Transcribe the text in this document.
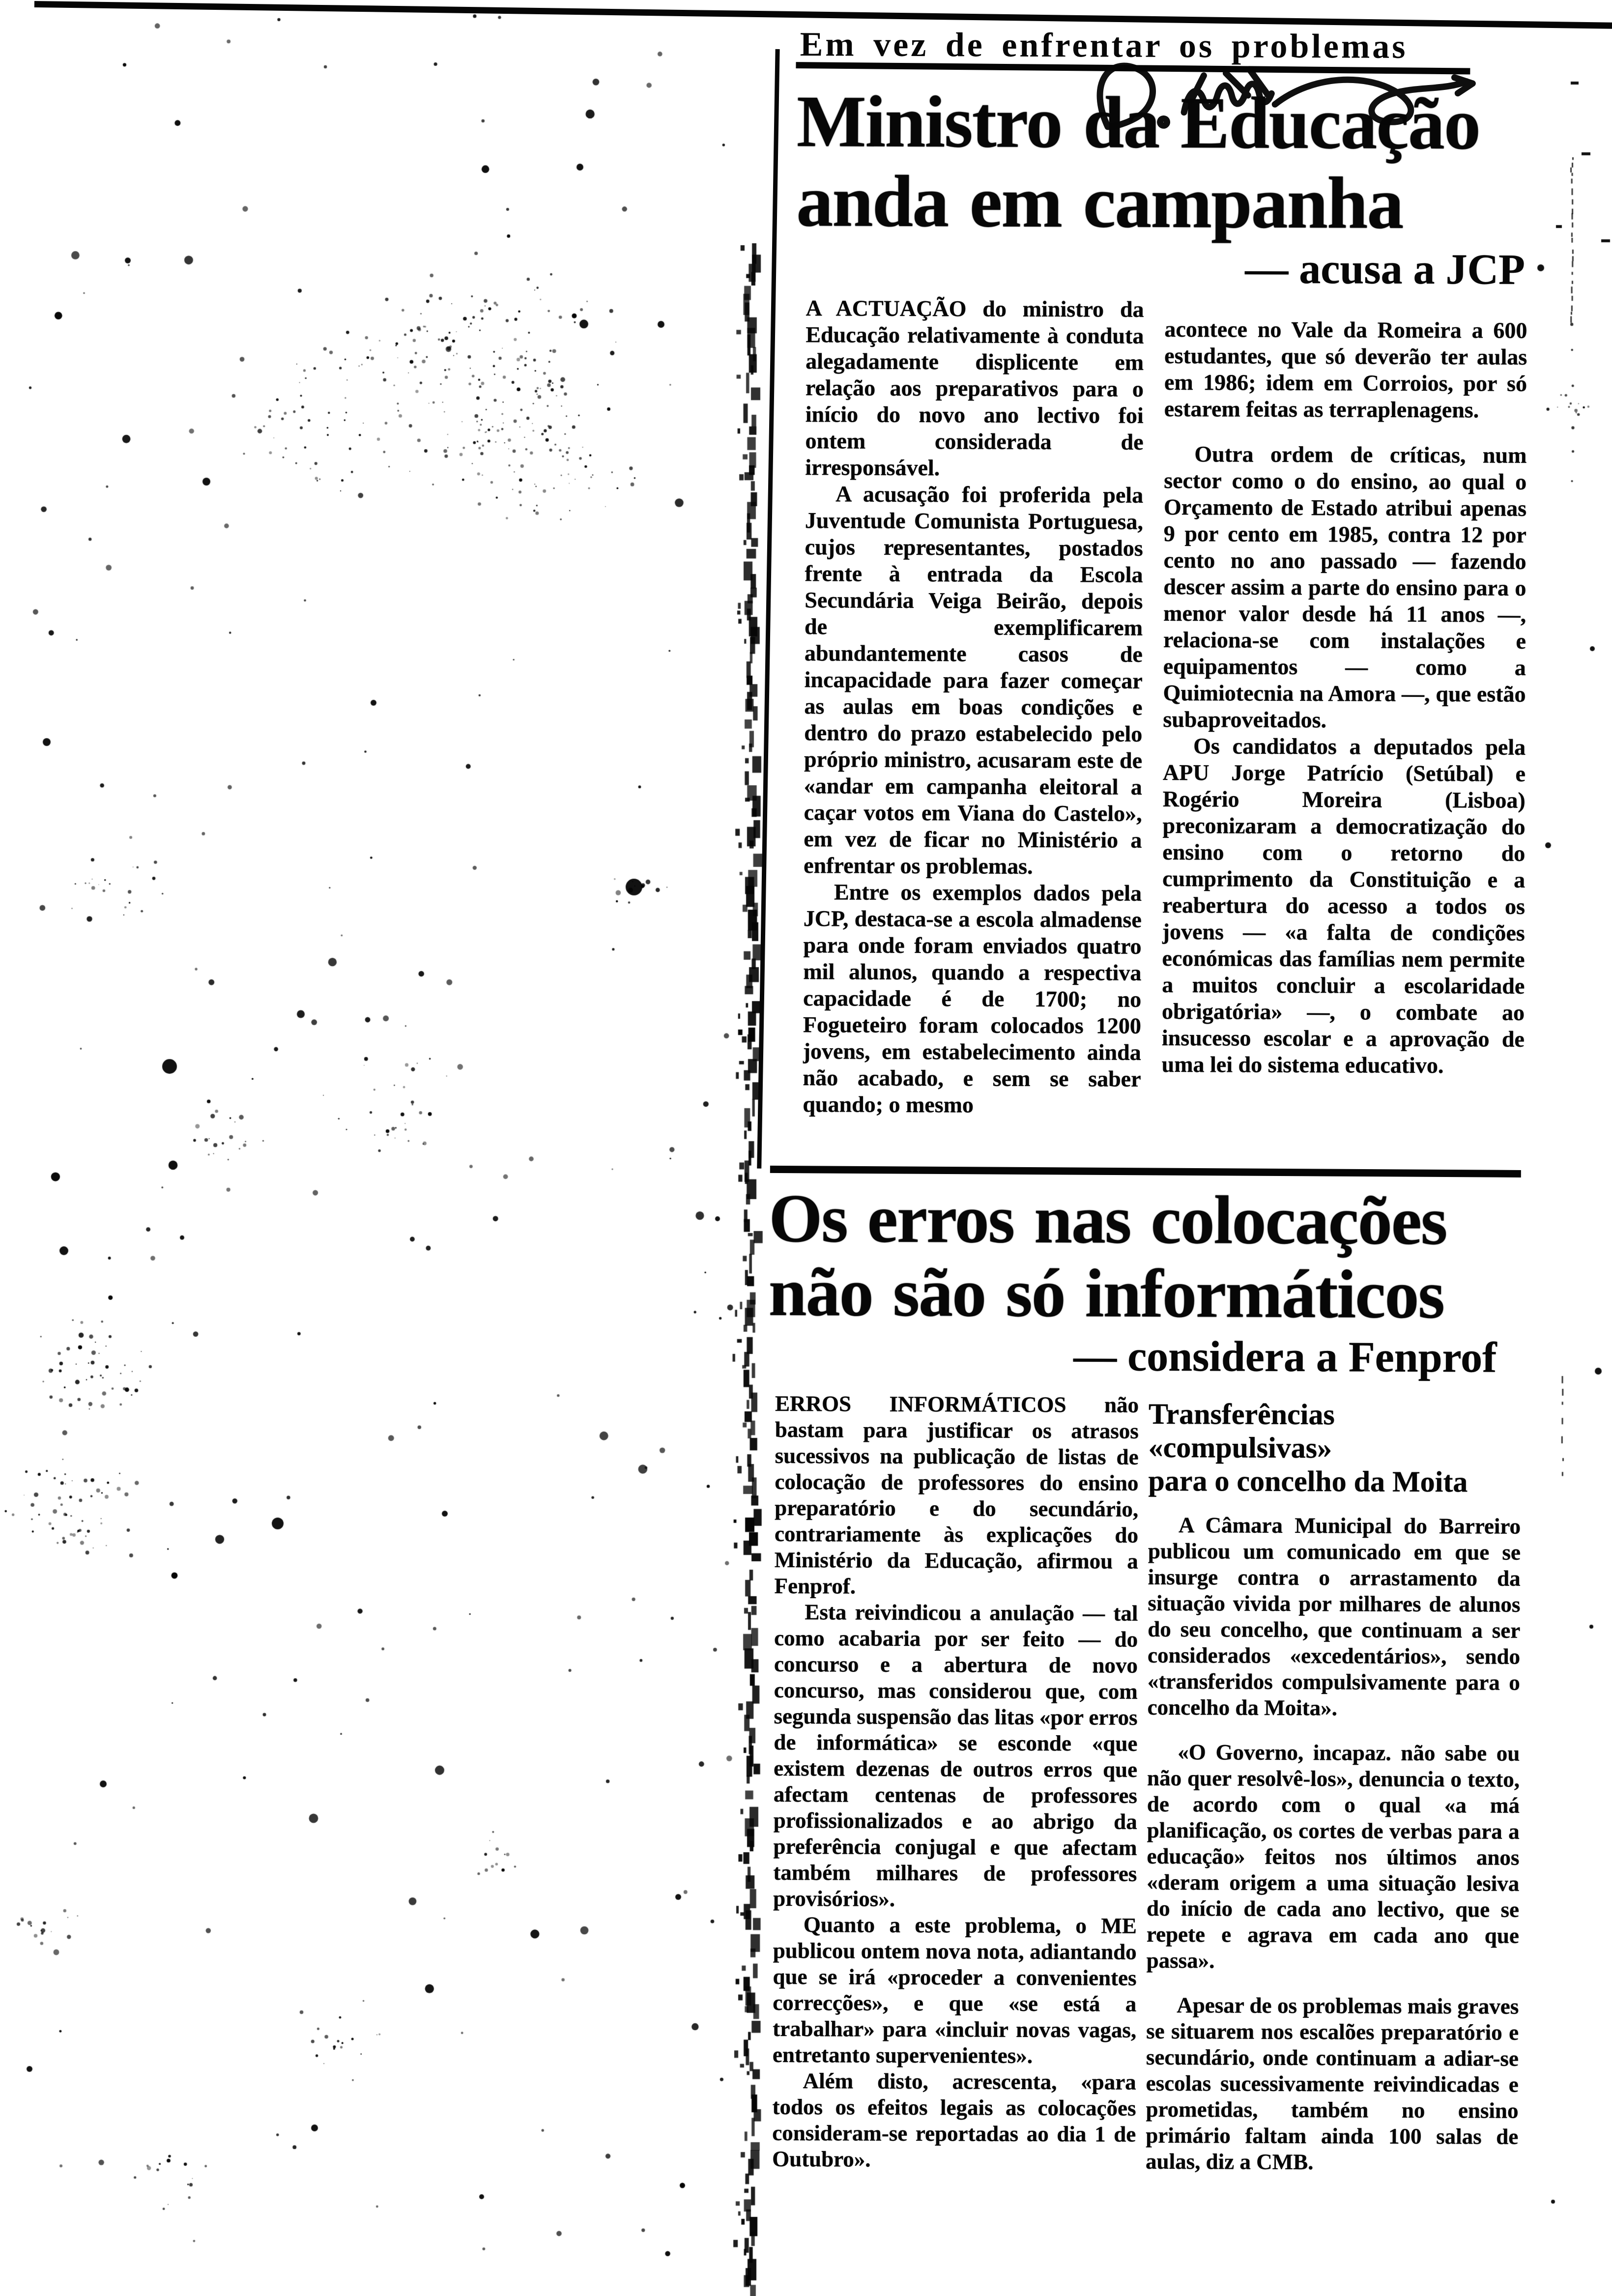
Em vez de enfrentar os problemas
Ministro da Educação
anda em campanha
— acusa a JCP

A ACTUAÇÃO do ministro da Educação relativamente à conduta alegadamente displicente em relação aos preparativos para o início do novo ano lectivo foi ontem considerada de irresponsável.

A acusação foi proferida pela Juventude Comunista Portuguesa, cujos representantes, postados frente à entrada da Escola Secundária Veiga Beirão, depois de exemplificarem abundantemente casos de incapacidade para fazer começar as aulas em boas condições e dentro do prazo estabelecido pelo próprio ministro, acusaram este de «andar em campanha eleitoral a caçar votos em Viana do Castelo», em vez de ficar no Ministério a enfrentar os problemas.

Entre os exemplos dados pela JCP, destaca-se a escola almadense para onde foram enviados quatro mil alunos, quando a respectiva capacidade é de 1700; no Fogueteiro foram colocados 1200 jovens, em estabelecimento ainda não acabado, e sem se saber quando; o mesmo

acontece no Vale da Romeira a 600 estudantes, que só deverão ter aulas em 1986; idem em Corroios, por só estarem feitas as terraplenagens.

Outra ordem de críticas, num sector como o do ensino, ao qual o Orçamento de Estado atribui apenas 9 por cento em 1985, contra 12 por cento no ano passado — fazendo descer assim a parte do ensino para o menor valor desde há 11 anos —, relaciona-se com instalações e equipamentos — como a Quimiotecnia na Amora —, que estão subaproveitados.

Os candidatos a deputados pela APU Jorge Patrício (Setúbal) e Rogério Moreira (Lisboa) preconizaram a democratização do ensino com o retorno do cumprimento da Constituição e a reabertura do acesso a todos os jovens — «a falta de condições económicas das famílias nem permite a muitos concluir a escolaridade obrigatória» —, o combate ao insucesso escolar e a aprovação de uma lei do sistema educativo.

Os erros nas colocações
não são só informáticos
— considera a Fenprof

ERROS INFORMÁTICOS não bastam para justificar os atrasos sucessivos na publicação de listas de colocação de professores do ensino preparatório e do secundário, contrariamente às explicações do Ministério da Educação, afirmou a Fenprof.

Esta reivindicou a anulação — tal como acabaria por ser feito — do concurso e a abertura de novo concurso, mas considerou que, com segunda suspensão das litas «por erros de informática» se esconde «que existem dezenas de outros erros que afectam centenas de professores profissionalizados e ao abrigo da preferência conjugal e que afectam também milhares de professores provisórios».

Quanto a este problema, o ME publicou ontem nova nota, adiantando que se irá «proceder a convenientes correcções», e que «se está a trabalhar» para «incluir novas vagas, entretanto supervenientes».

Além disto, acrescenta, «para todos os efeitos legais as colocações consideram-se reportadas ao dia 1 de Outubro».

Transferências
«compulsivas»
para o concelho da Moita

A Câmara Municipal do Barreiro publicou um comunicado em que se insurge contra o arrastamento da situação vivida por milhares de alunos do seu concelho, que continuam a ser considerados «excedentários», sendo «transferidos compulsivamente para o concelho da Moita».

«O Governo, incapaz. não sabe ou não quer resolvê-los», denuncia o texto, de acordo com o qual «a má planificação, os cortes de verbas para a educação» feitos nos últimos anos «deram origem a uma situação lesiva do início de cada ano lectivo, que se repete e agrava em cada ano que passa».

Apesar de os problemas mais graves se situarem nos escalões preparatório e secundário, onde continuam a adiar-se escolas sucessivamente reivindicadas e prometidas, também no ensino primário faltam ainda 100 salas de aulas, diz a CMB.
